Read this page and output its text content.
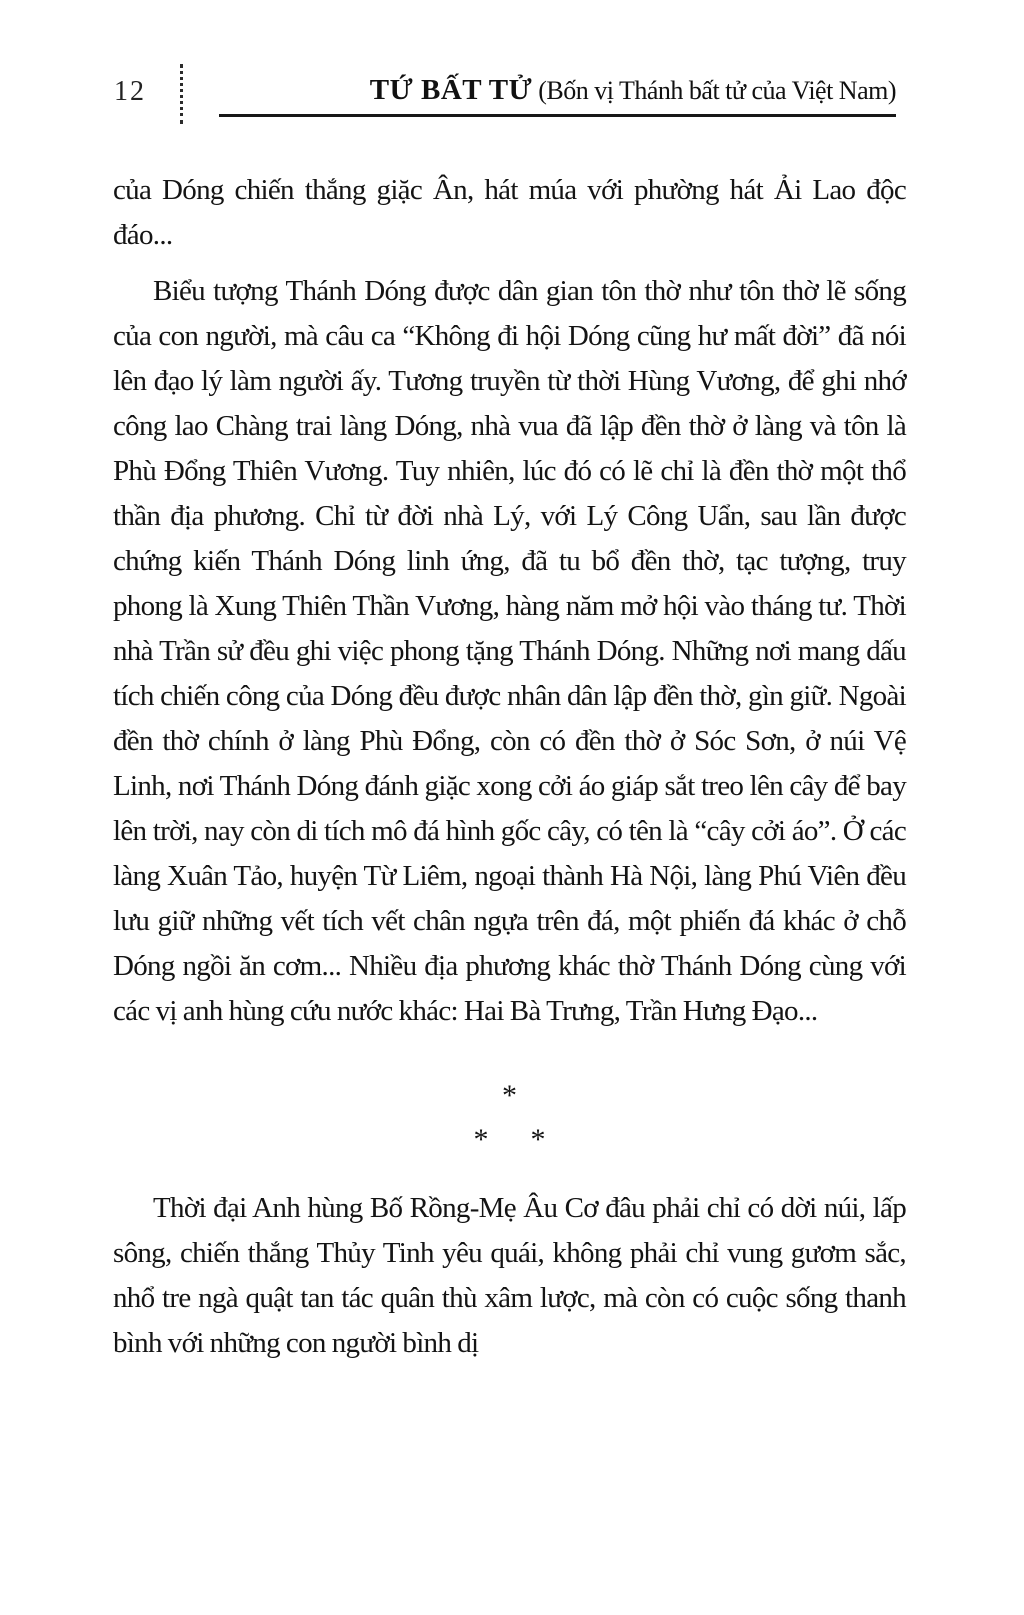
12	TỨ BẤT TỬ (Bốn vị Thánh bất tử của Việt Nam)

của Dóng chiến thắng giặc Ân, hát múa với phường hát Ải Lao độc đáo...

Biểu tượng Thánh Dóng được dân gian tôn thờ như tôn thờ lẽ sống của con người, mà câu ca “Không đi hội Dóng cũng hư mất đời” đã nói lên đạo lý làm người ấy. Tương truyền từ thời Hùng Vương, để ghi nhớ công lao Chàng trai làng Dóng, nhà vua đã lập đền thờ ở làng và tôn là Phù Đổng Thiên Vương. Tuy nhiên, lúc đó có lẽ chỉ là đền thờ một thổ thần địa phương. Chỉ từ đời nhà Lý, với Lý Công Uẩn, sau lần được chứng kiến Thánh Dóng linh ứng, đã tu bổ đền thờ, tạc tượng, truy phong là Xung Thiên Thần Vương, hàng năm mở hội vào tháng tư. Thời nhà Trần sử đều ghi việc phong tặng Thánh Dóng. Những nơi mang dấu tích chiến công của Dóng đều được nhân dân lập đền thờ, gìn giữ. Ngoài đền thờ chính ở làng Phù Đổng, còn có đền thờ ở Sóc Sơn, ở núi Vệ Linh, nơi Thánh Dóng đánh giặc xong cởi áo giáp sắt treo lên cây để bay lên trời, nay còn di tích mô đá hình gốc cây, có tên là “cây cởi áo”. Ở các làng Xuân Tảo, huyện Từ Liêm, ngoại thành Hà Nội, làng Phú Viên đều lưu giữ những vết tích vết chân ngựa trên đá, một phiến đá khác ở chỗ Dóng ngồi ăn cơm... Nhiều địa phương khác thờ Thánh Dóng cùng với các vị anh hùng cứu nước khác: Hai Bà Trưng, Trần Hưng Đạo...

*
* *

Thời đại Anh hùng Bố Rồng-Mẹ Âu Cơ đâu phải chỉ có dời núi, lấp sông, chiến thắng Thủy Tinh yêu quái, không phải chỉ vung gươm sắc, nhổ tre ngà quật tan tác quân thù xâm lược, mà còn có cuộc sống thanh bình với những con người bình dị
